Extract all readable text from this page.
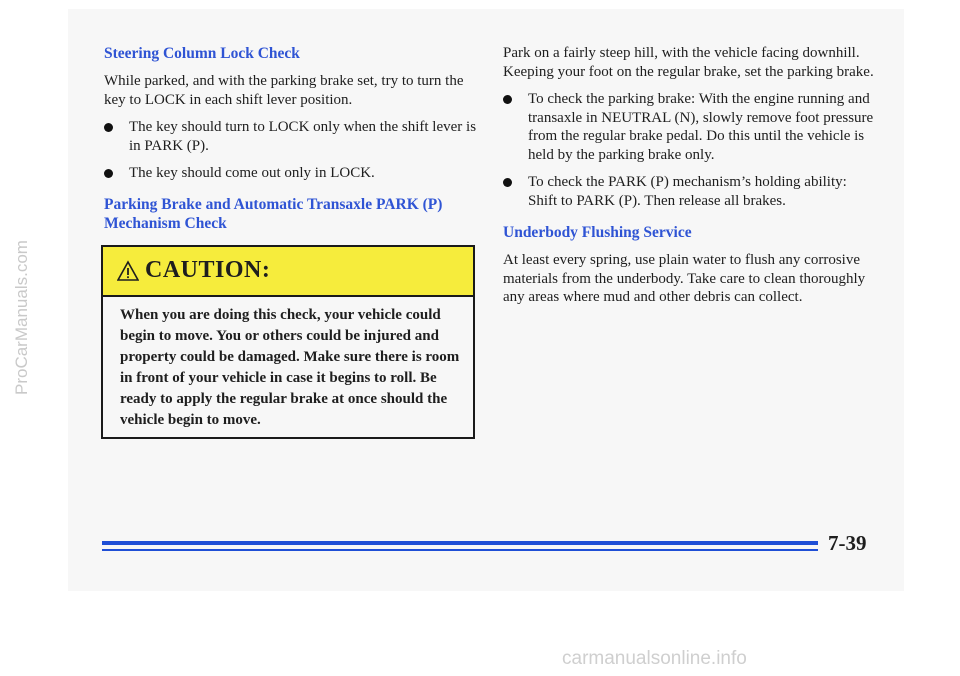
Steering Column Lock Check

While parked, and with the parking brake set, try to turn the key to LOCK in each shift lever position.

The key should turn to LOCK only when the shift lever is in PARK (P).
The key should come out only in LOCK.
Parking Brake and Automatic Transaxle PARK (P) Mechanism Check
CAUTION:
When you are doing this check, your vehicle could begin to move. You or others could be injured and property could be damaged. Make sure there is room in front of your vehicle in case it begins to roll. Be ready to apply the regular brake at once should the vehicle begin to move.

Park on a fairly steep hill, with the vehicle facing downhill. Keeping your foot on the regular brake, set the parking brake.

To check the parking brake: With the engine running and transaxle in NEUTRAL (N), slowly remove foot pressure from the regular brake pedal. Do this until the vehicle is held by the parking brake only.
To check the PARK (P) mechanism’s holding ability: Shift to PARK (P). Then release all brakes.
Underbody Flushing Service

At least every spring, use plain water to flush any corrosive materials from the underbody. Take care to clean thoroughly any areas where mud and other debris can collect.

7-39
ProCarManuals.com
carmanualsonline.info
